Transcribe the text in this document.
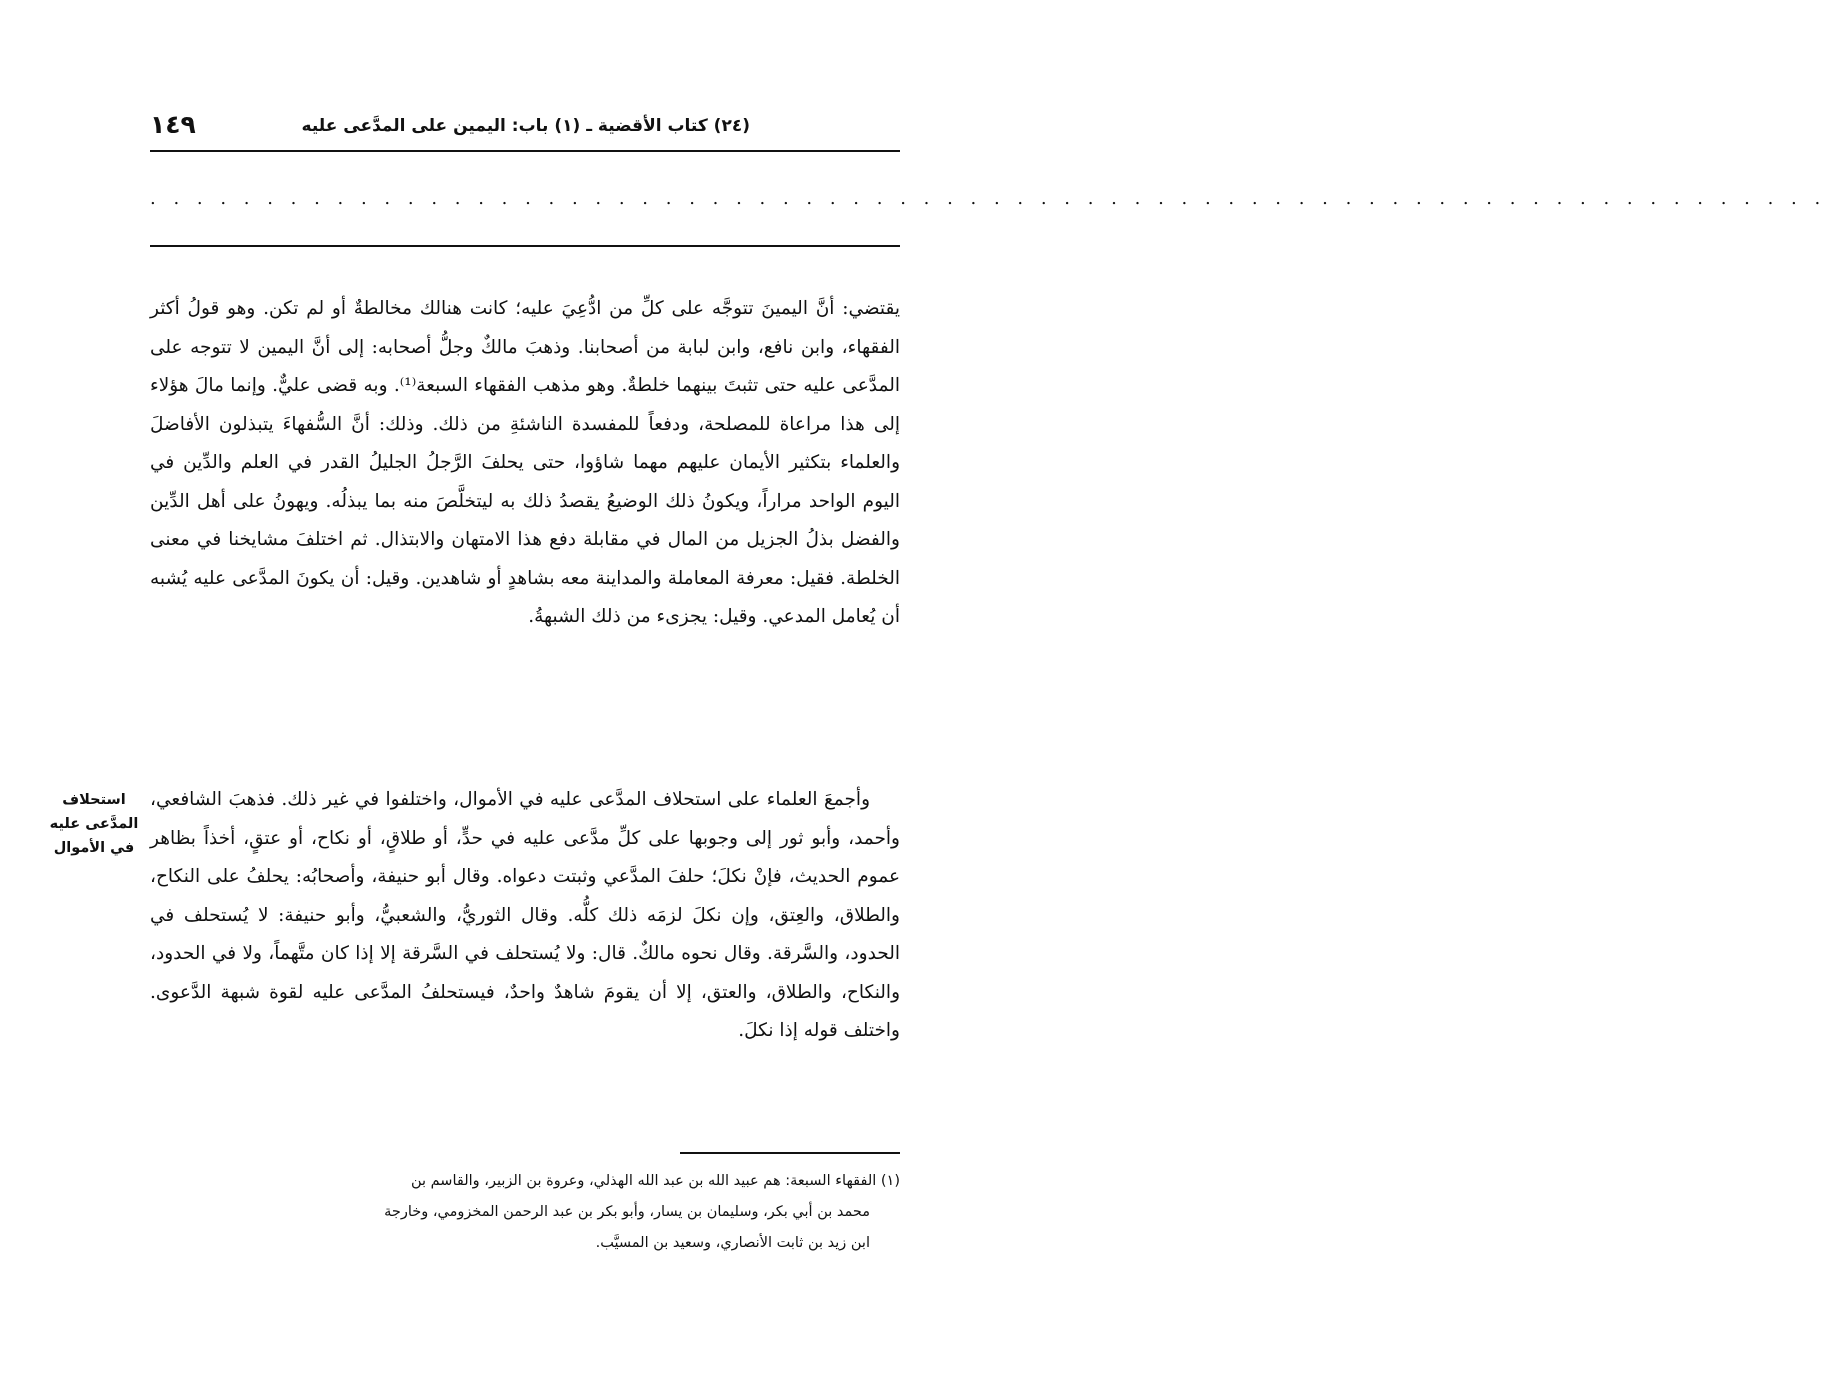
(٢٤) كتاب الأقضية ـ (١) باب: اليمين على المدَّعى عليه
١٤٩
. . . . . . . . . . . . . . . . . . . . . . . . . . . . . . . . . . . . . . . . . . . . . . . . . . . . . . . . . . . . . . . . . . . . . . . .

يقتضي: أنَّ اليمينَ تتوجَّه على كلِّ من ادُّعِيَ عليه؛ كانت هنالك مخالطةٌ أو لم تكن. وهو قولُ أكثر الفقهاء، وابن نافع، وابن لبابة من أصحابنا. وذهبَ مالكٌ وجلُّ أصحابه: إلى أنَّ اليمين لا تتوجه على المدَّعى عليه حتى تثبتَ بينهما خلطةٌ. وهو مذهب الفقهاء السبعة⁽¹⁾. وبه قضى عليٌّ. وإنما مالَ هؤلاء إلى هذا مراعاة للمصلحة، ودفعاً للمفسدة الناشئةِ من ذلك. وذلك: أنَّ السُّفهاءَ يتبذلون الأفاضلَ والعلماء بتكثير الأيمان عليهم مهما شاؤوا، حتى يحلفَ الرَّجلُ الجليلُ القدر في العلم والدِّين في اليوم الواحد مراراً، ويكونُ ذلك الوضيعُ يقصدُ ذلك به ليتخلَّصَ منه بما يبذلُه. ويهونُ على أهل الدِّين والفضل بذلُ الجزيل من المال في مقابلة دفع هذا الامتهان والابتذال. ثم اختلفَ مشايخنا في معنى الخلطة. فقيل: معرفة المعاملة والمداينة معه بشاهدٍ أو شاهدين. وقيل: أن يكونَ المدَّعى عليه يُشبه أن يُعامل المدعي. وقيل: يجزىء من ذلك الشبهةُ.

استحلاف
المدَّعى عليه
في الأموال

وأجمعَ العلماء على استحلاف المدَّعى عليه في الأموال، واختلفوا في غير ذلك. فذهبَ الشافعي، وأحمد، وأبو ثور إلى وجوبها على كلِّ مدَّعى عليه في حدٍّ، أو طلاقٍ، أو نكاح، أو عتقٍ، أخذاً بظاهر عموم الحديث، فإنْ نكلَ؛ حلفَ المدَّعي وثبتت دعواه. وقال أبو حنيفة، وأصحابُه: يحلفُ على النكاح، والطلاق، والعِتق، وإن نكلَ لزمَه ذلك كلُّه. وقال الثوريُّ، والشعبيُّ، وأبو حنيفة: لا يُستحلف في الحدود، والسَّرقة. وقال نحوه مالكٌ. قال: ولا يُستحلف في السَّرقة إلا إذا كان متَّهماً، ولا في الحدود، والنكاح، والطلاق، والعتق، إلا أن يقومَ شاهدٌ واحدٌ، فيستحلفُ المدَّعى عليه لقوة شبهة الدَّعوى. واختلف قوله إذا نكلَ.

(١) الفقهاء السبعة: هم عبيد الله بن عبد الله الهذلي، وعروة بن الزبير، والقاسم بن

محمد بن أبي بكر، وسليمان بن يسار، وأبو بكر بن عبد الرحمن المخزومي، وخارجة

ابن زيد بن ثابت الأنصاري، وسعيد بن المسيَّب.
